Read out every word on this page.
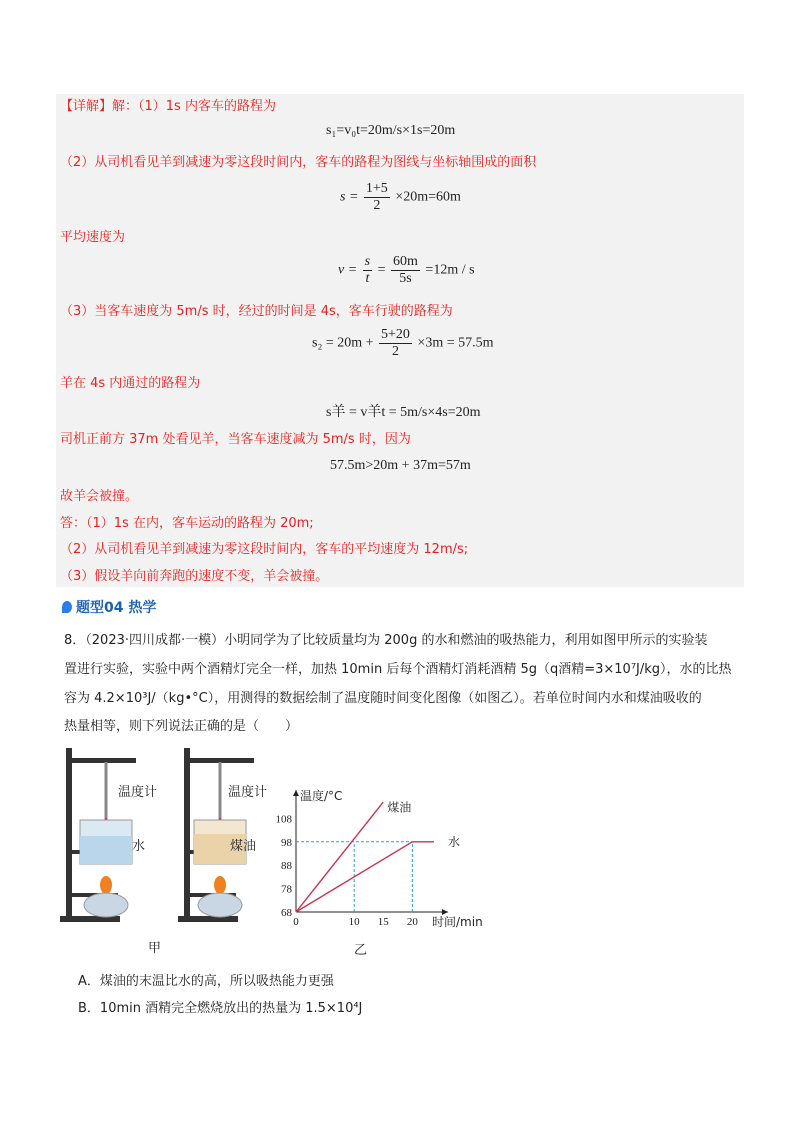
【详解】解：（1）1s 内客车的路程为
s₁=v₀t=20m/s×1s=20m
（2）从司机看见羊到减速为零这段时间内，客车的路程为图线与坐标轴围成的面积
$s = \frac{1+5}{2} \times 20m=60m$
平均速度为
$v = \frac{s}{t} = \frac{60m}{5s} =12m / s$
（3）当客车速度为 5m/s 时，经过的时间是 4s，客车行驶的路程为
$s_2 = 20m + \frac{5+20}{2} \times 3m = 57.5m$
羊在 4s 内通过的路程为
s羊 = v羊t = 5m/s×4s=20m
司机正前方 37m 处看见羊，当客车速度减为 5m/s 时，因为
57.5m>20m + 37m=57m
故羊会被撞。
答：（1）1s 在内，客车运动的路程为 20m;
（2）从司机看见羊到减速为零这段时间内，客车的平均速度为 12m/s;
（3）假设羊向前奔跑的速度不变，羊会被撞。
题型04 热学
8．（2023·四川成都·一模）小明同学为了比较质量均为 200g 的水和燃油的吸热能力，利用如图甲所示的实验装
置进行实验，实验中两个酒精灯完全一样，加热 10min 后每个酒精灯消耗酒精 5g（q酒精=3×10⁷J/kg），水的比热
容为 4.2×10³J/（kg•°C），用测得的数据绘制了温度随时间变化图像（如图乙）。若单位时间内水和煤油吸收的
热量相等，则下列说法正确的是（　　）
温度计
水
温度计
煤油
甲
68
78
88
98
108
0	10 15 20
煤油
水
温度/°C
时间/min
乙
A．煤油的末温比水的高，所以吸热能力更强
B．10min 酒精完全燃烧放出的热量为 1.5×10⁴J
